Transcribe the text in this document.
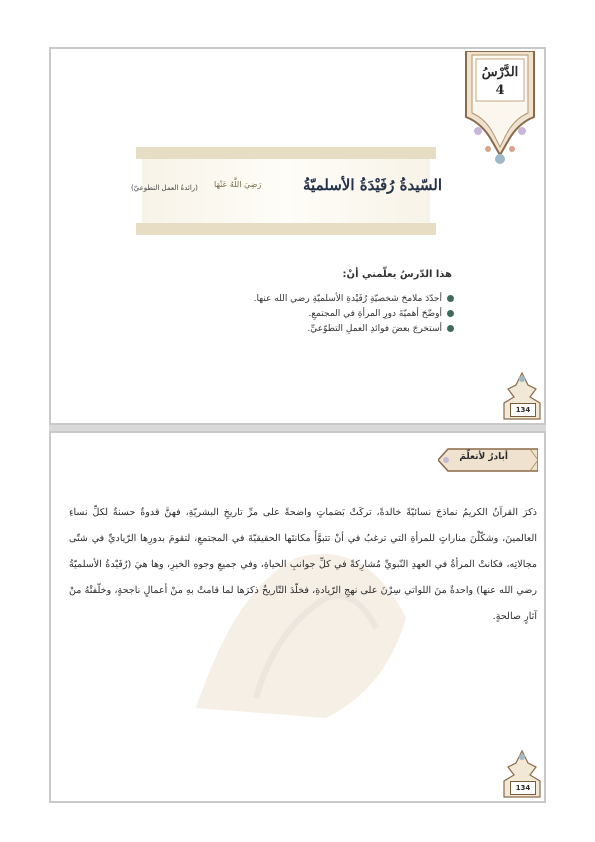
الدَّرْسُ
4
السّيدةُ رُفَيْدَةُ الأسلميّةُ
رَضِيَ اللَّهُ عَنْهَا
(رائدةُ العمل التطوعيّ)
هذا الدّرسُ يعلّمني أنْ:
أحدّدَ ملامحَ شخصيّةِ رُفَيْدةِ الأسلميّةِ رضي الله عنها.
أوضّحَ أهميّةَ دورِ المرأةِ في المجتمعِ.
أستخرجَ بعضَ فوائدِ العملِ التطوّعيِّ.
134
أبادرُ لأتعلّمَ
ذكرَ القرآنُ الكريمُ نماذجَ نسائيّةً خالدةً، تركَتْ بَصَماتٍ واضحةً على مرِّ تاريخِ البشريّةِ، فهنَّ قدوةٌ حسنةٌ لكلِّ نساءِ العالمينَ، وشكّلْنَ مناراتٍ للمرأةِ التي ترغبُ في أنْ تتبوَّأَ مكانتَها الحقيقيّةَ في المجتمعِ، لتقومَ بدورِها الرّياديِّ في شتّى مجالاتِه، فكانتْ المرأةُ في العهدِ النّبويِّ مُشارِكةً في كلِّ جوانبِ الحياةِ، وفي جميعِ وجوهِ الخيرِ، وها هيَ (رُفَيْدةُ الأسلميّةُ رضي الله عنها) واحدةٌ منَ اللواتي سِرْنَ على نهجِ الرّيادةِ، فخلّدَ التّاريخُ ذكرَها لما قامتْ بهِ منْ أعمالٍ ناجحةٍ، وخلّفتْهُ منْ آثارٍ صالحةٍ.
134
